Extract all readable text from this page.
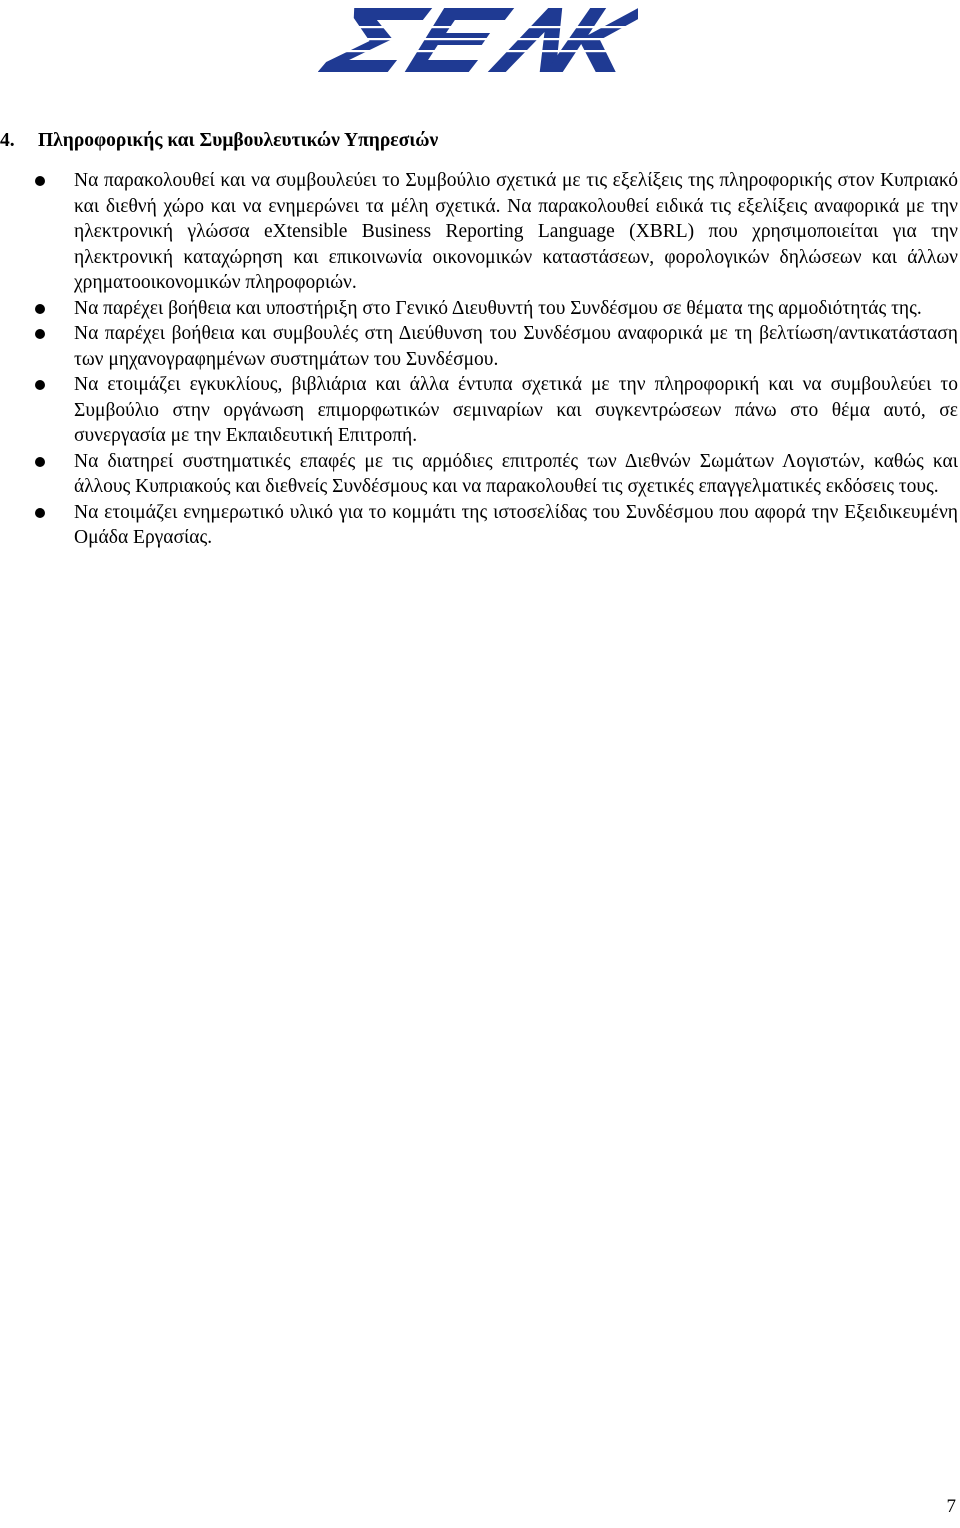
4. Πληροφορικής και Συμβουλευτικών Υπηρεσιών
Να παρακολουθεί και να συμβουλεύει το Συμβούλιο σχετικά με τις εξελίξεις της πληροφορικής στον Κυπριακό και διεθνή χώρο και να ενημερώνει τα μέλη σχετικά. Να παρακολουθεί ειδικά τις εξελίξεις αναφορικά με την ηλεκτρονική γλώσσα eXtensible Business Reporting Language (XBRL) που χρησιμοποιείται για την ηλεκτρονική καταχώρηση και επικοινωνία οικονομικών καταστάσεων, φορολογικών δηλώσεων και άλλων χρηματοοικονομικών πληροφοριών.
Να παρέχει βοήθεια και υποστήριξη στο Γενικό Διευθυντή του Συνδέσμου σε θέματα της αρμοδιότητάς της.
Να παρέχει βοήθεια και συμβουλές στη Διεύθυνση του Συνδέσμου αναφορικά με τη βελτίωση/αντικατάσταση των μηχανογραφημένων συστημάτων του Συνδέσμου.
Να ετοιμάζει εγκυκλίους, βιβλιάρια και άλλα έντυπα σχετικά με την πληροφορική και να συμβουλεύει το Συμβούλιο στην οργάνωση επιμορφωτικών σεμιναρίων και συγκεντρώσεων πάνω στο θέμα αυτό, σε συνεργασία με την Εκπαιδευτική Επιτροπή.
Να διατηρεί συστηματικές επαφές με τις αρμόδιες επιτροπές των Διεθνών Σωμάτων Λογιστών, καθώς και άλλους Κυπριακούς και διεθνείς Συνδέσμους και να παρακολουθεί τις σχετικές επαγγελματικές εκδόσεις τους.
Να ετοιμάζει ενημερωτικό υλικό για το κομμάτι της ιστοσελίδας του Συνδέσμου που αφορά την Εξειδικευμένη Ομάδα Εργασίας.
7
